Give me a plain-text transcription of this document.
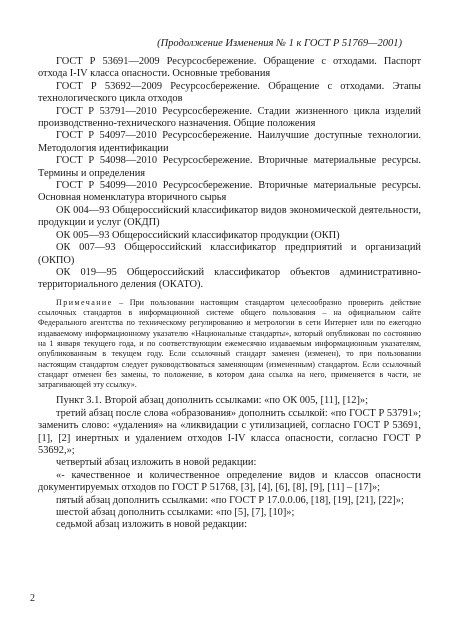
(Продолжение Изменения № 1 к ГОСТ Р 51769—2001)

ГОСТ Р 53691—2009 Ресурсосбережение. Обращение с отходами. Паспорт отхода I-IV класса опасности. Основные требования

ГОСТ Р 53692—2009 Ресурсосбережение. Обращение с отходами. Этапы технологического цикла отходов

ГОСТ Р 53791—2010 Ресурсосбережение. Стадии жизненного цикла изделий производственно-технического назначения. Общие положения

ГОСТ Р 54097—2010 Ресурсосбережение. Наилучшие доступные технологии. Методология идентификации

ГОСТ Р 54098—2010 Ресурсосбережение. Вторичные материальные ресурсы. Термины и определения

ГОСТ Р 54099—2010 Ресурсосбережение. Вторичные материальные ресурсы. Основная номенклатура вторичного сырья

ОК 004—93 Общероссийский классификатор видов экономической деятельности, продукции и услуг (ОКДП)

ОК 005—93 Общероссийский классификатор продукции (ОКП)

ОК 007—93 Общероссийский классификатор предприятий и организаций (ОКПО)

ОК 019—95 Общероссийский классификатор объектов административно-территориального деления (ОКАТО).

Примечание – При пользовании настоящим стандартом целесообразно проверить действие ссылочных стандартов в информационной системе общего пользования – на официальном сайте Федерального агентства по техническому регулированию и метрологии в сети Интернет или по ежегодно издаваемому информационному указателю «Национальные стандарты», который опубликован по состоянию на 1 января текущего года, и по соответствующим ежемесячно издаваемым информационным указателям, опубликованным в текущем году. Если ссылочный стандарт заменен (изменен), то при пользовании настоящим стандартом следует руководствоваться заменяющим (измененным) стандартом. Если ссылочный стандарт отменен без замены, то положение, в котором дана ссылка на него, применяется в части, не затрагивающей эту ссылку».

Пункт 3.1. Второй абзац дополнить ссылками: «по ОК 005, [11], [12]»;

третий абзац после слова «образования» дополнить ссылкой: «по ГОСТ Р 53791»; заменить слово: «удаления» на «ликвидации с утилизацией, согласно ГОСТ Р 53691, [1], [2] инертных и удалением отходов I-IV класса опасности, согласно ГОСТ Р 53692,»;

четвертый абзац изложить в новой редакции:

«- качественное и количественное определение видов и классов опасности документируемых отходов по ГОСТ Р 51768, [3], [4], [6], [8], [9], [11] – [17]»;

пятый абзац дополнить ссылками: «по ГОСТ Р 17.0.0.06, [18], [19], [21], [22]»;

шестой абзац дополнить ссылками: «по [5], [7], [10]»;

седьмой абзац изложить в новой редакции:

2
